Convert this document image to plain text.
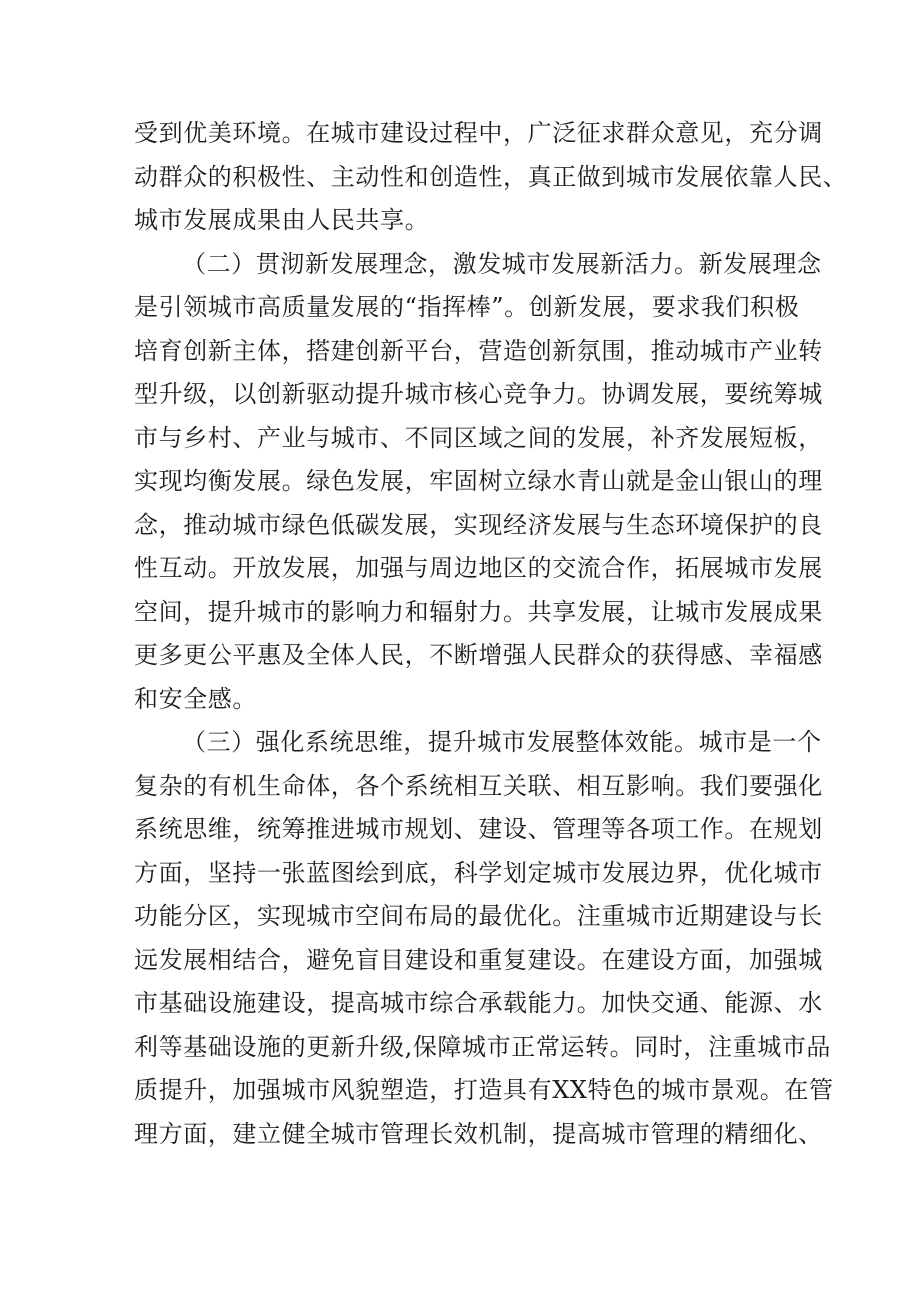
受到优美环境。在城市建设过程中，广泛征求群众意见，充分调
动群众的积极性、主动性和创造性，真正做到城市发展依靠人民、
城市发展成果由人民共享。
（二）贯沏新发展理念，激发城市发展新活力。新发展理念
是引领城市高质量发展的“指挥棒”。创新发展，要求我们积极
培育创新主体，搭建创新平台，营造创新氛围，推动城市产业转
型升级，以创新驱动提升城市核心竞争力。协调发展，要统筹城
市与乡村、产业与城市、不同区域之间的发展，补齐发展短板，
实现均衡发展。绿色发展，牢固树立绿水青山就是金山银山的理
念，推动城市绿色低碳发展，实现经济发展与生态环境保护的良
性互动。开放发展，加强与周边地区的交流合作，拓展城市发展
空间，提升城市的影响力和辐射力。共享发展，让城市发展成果
更多更公平惠及全体人民，不断增强人民群众的获得感、幸福感
和安全感。
（三）强化系统思维，提升城市发展整体效能。城市是一个
复杂的有机生命体，各个系统相互关联、相互影响。我们要强化
系统思维，统筹推进城市规划、建设、管理等各项工作。在规划
方面，坚持一张蓝图绘到底，科学划定城市发展边界，优化城市
功能分区，实现城市空间布局的最优化。注重城市近期建设与长
远发展相结合，避免盲目建设和重复建设。在建设方面，加强城
市基础设施建设，提高城市综合承载能力。加快交通、能源、水
利等基础设施的更新升级,保障城市正常运转。同时，注重城市品
质提升，加强城市风貌塑造，打造具有XX特色的城市景观。在管
理方面，建立健全城市管理长效机制，提高城市管理的精细化、
